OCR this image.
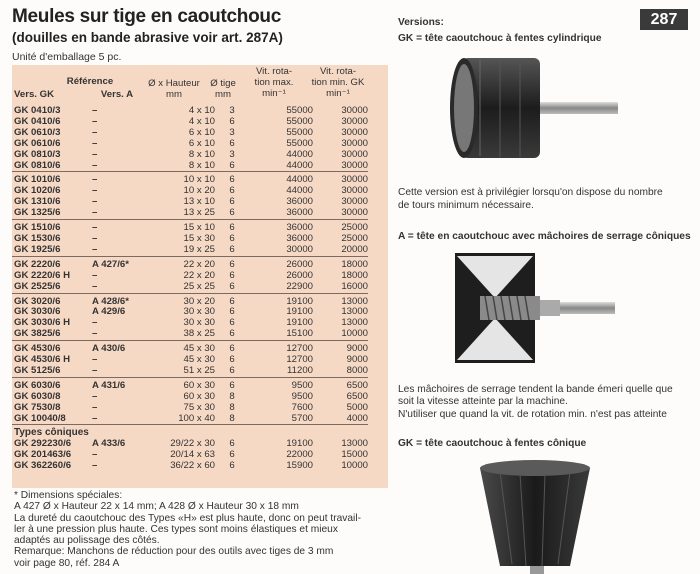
Meules sur tige en caoutchouc
(douilles en bande abrasive voir art. 287A)
Unité d'emballage 5 pc.
287
Référence
Vers. GK	Vers. A
Ø x Hauteur
mm
Ø tige
mm
Vit. rota-
tion max.
min⁻¹
Vit. rota-
tion min. GK
min⁻¹
GK 0410/3	–	4 x 10	3	55000	30000
GK 0410/6	–	4 x 10	6	55000	30000
GK 0610/3	–	6 x 10	3	55000	30000
GK 0610/6	–	6 x 10	6	55000	30000
GK 0810/3	–	8 x 10	3	44000	30000
GK 0810/6	–	8 x 10	6	44000	30000
GK 1010/6	–	10 x 10	6	44000	30000
GK 1020/6	–	10 x 20	6	44000	30000
GK 1310/6	–	13 x 10	6	36000	30000
GK 1325/6	–	13 x 25	6	36000	30000
GK 1510/6	–	15 x 10	6	36000	25000
GK 1530/6	–	15 x 30	6	36000	25000
GK 1925/6	–	19 x 25	6	30000	20000
GK 2220/6	A 427/6*	22 x 20	6	26000	18000
GK 2220/6 H	–	22 x 20	6	26000	18000
GK 2525/6	–	25 x 25	6	22900	16000
GK 3020/6	A 428/6*	30 x 20	6	19100	13000
GK 3030/6	A 429/6	30 x 30	6	19100	13000
GK 3030/6 H	–	30 x 30	6	19100	13000
GK 3825/6	–	38 x 25	6	15100	10000
GK 4530/6	A 430/6	45 x 30	6	12700	9000
GK 4530/6 H	–	45 x 30	6	12700	9000
GK 5125/6	–	51 x 25	6	11200	8000
GK 6030/6	A 431/6	60 x 30	6	9500	6500
GK 6030/8	–	60 x 30	8	9500	6500
GK 7530/8	–	75 x 30	8	7600	5000
GK 10040/8	–	100 x 40	8	5700	4000
Types côniques					
GK 292230/6	A 433/6	29/22 x 30	6	19100	13000
GK 201463/6	–	20/14 x 63	6	22000	15000
GK 362260/6	–	36/22 x 60	6	15900	10000
* Dimensions spéciales:
A 427 Ø x Hauteur 22 x 14 mm; A 428 Ø x Hauteur 30 x 18 mm
La dureté du caoutchouc des Types «H» est plus haute, donc on peut travail-
ler à une pression plus haute. Ces types sont moins élastiques et mieux
adaptés au polissage des côtés.
Remarque: Manchons de réduction pour des outils avec tiges de 3 mm
voir page 80, réf. 284 A
Versions:
GK = tête caoutchouc à fentes cylindrique
Cette version est à privilégier lorsqu'on dispose du nombre
de tours minimum nécessaire.
A = tête en caoutchouc avec mâchoires de serrage côniques
Les mâchoires de serrage tendent la bande émeri quelle que
soit la vitesse atteinte par la machine.
N'utiliser que quand la vit. de rotation min. n'est pas atteinte
GK = tête caoutchouc à fentes cônique
